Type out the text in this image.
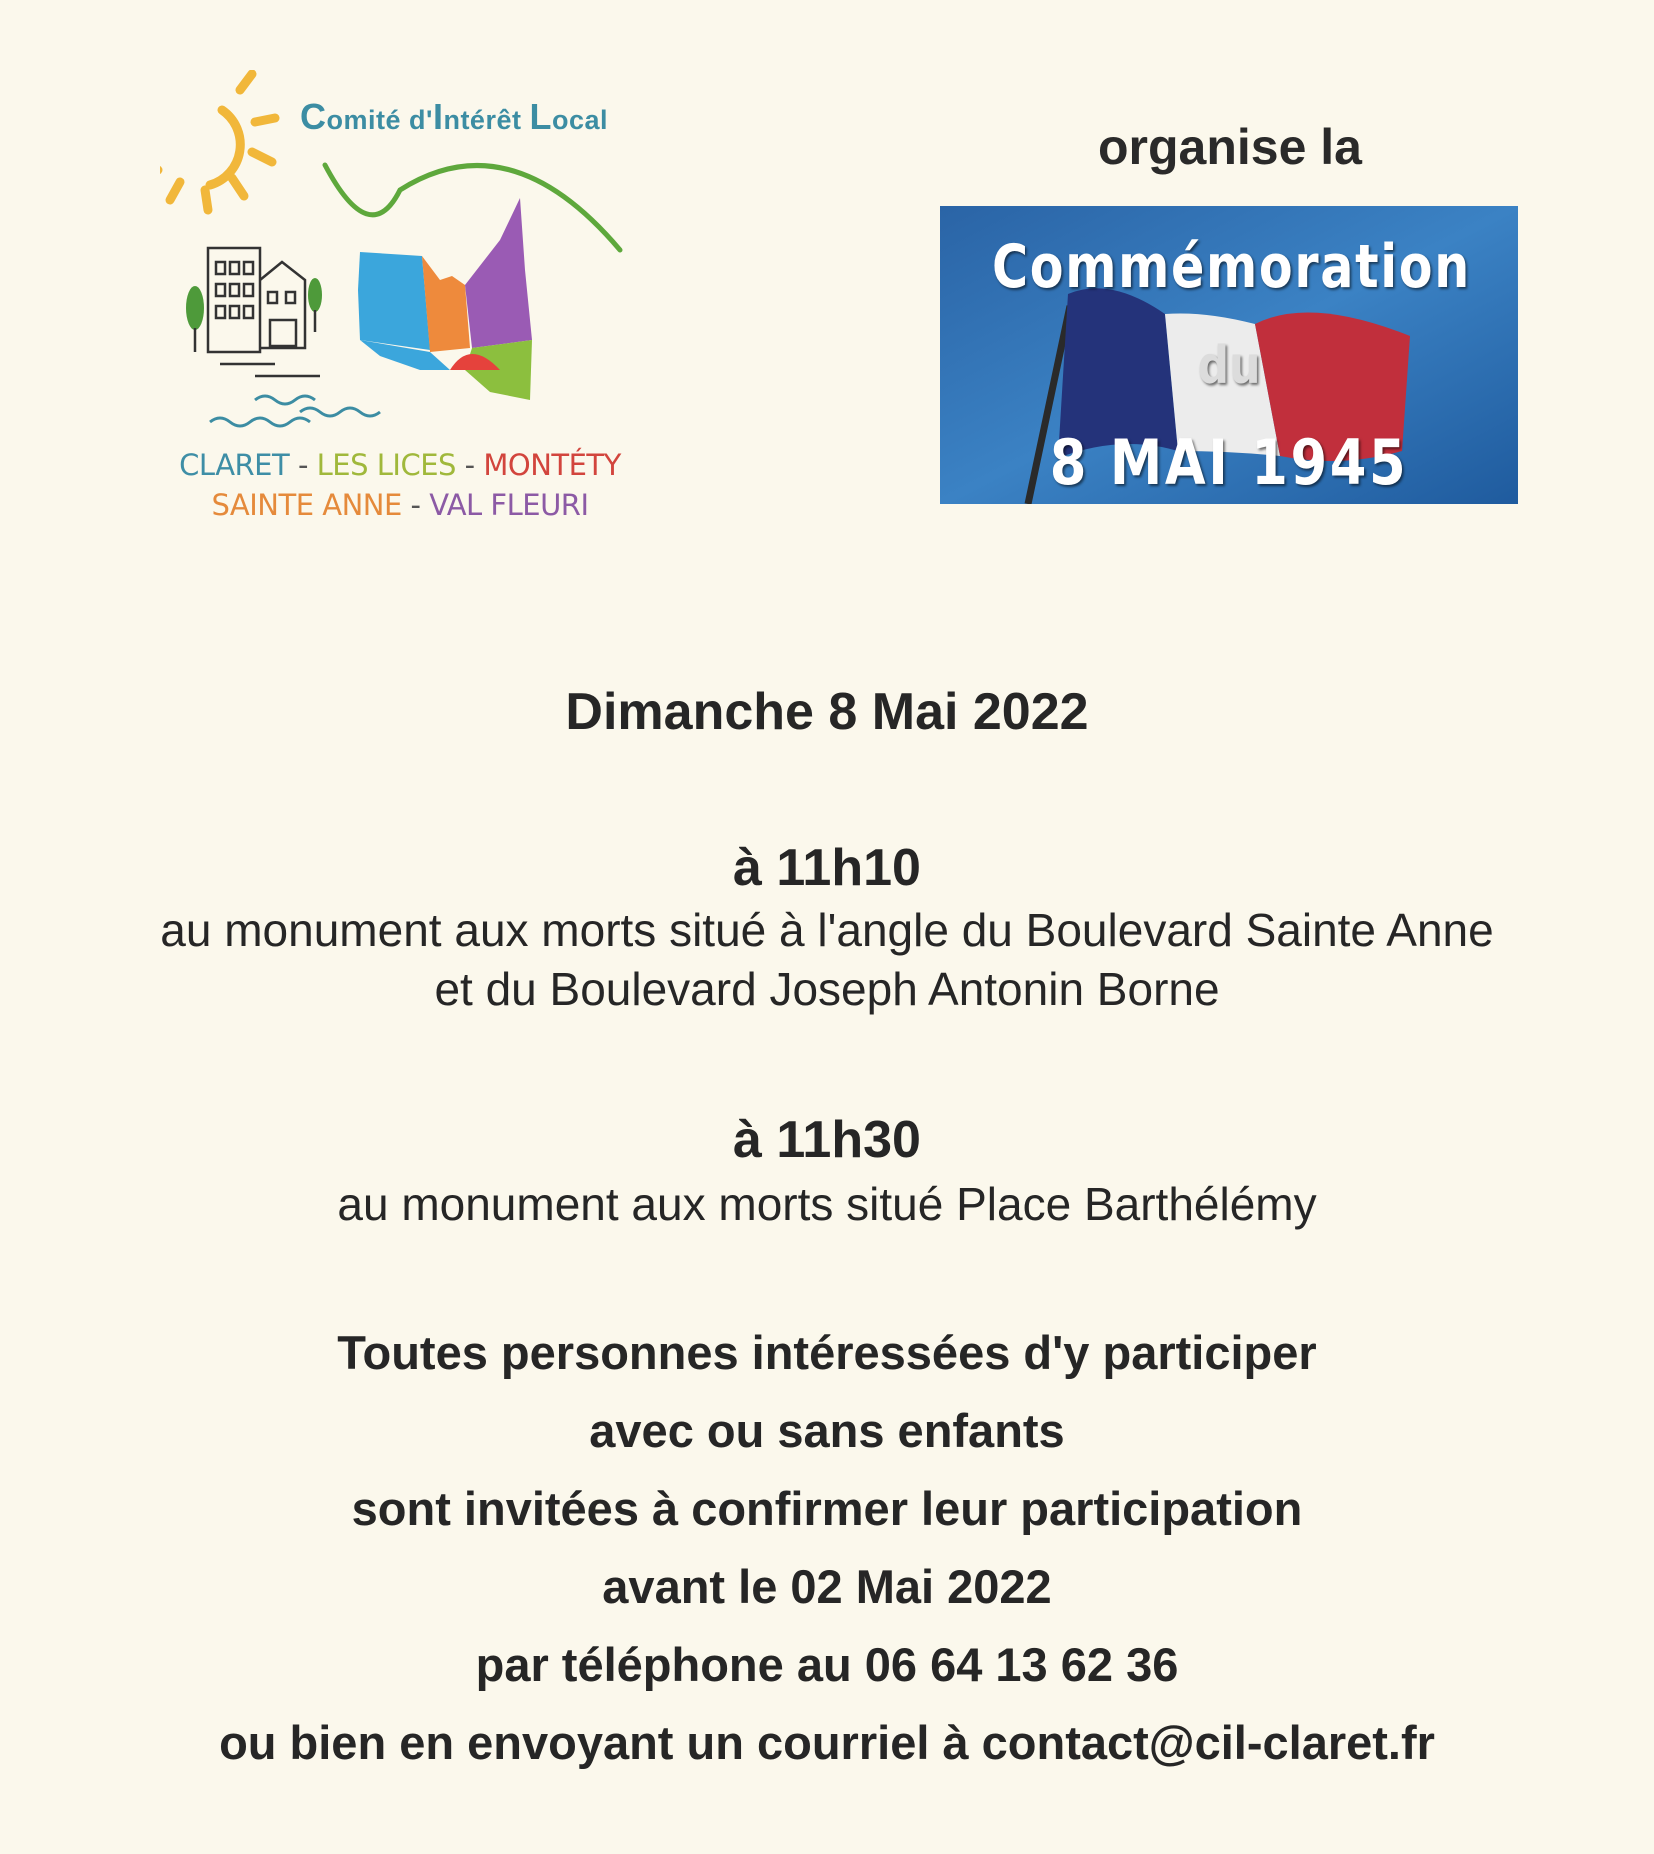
Comité d'Intérêt Local
CLARET - LES LICES - MONTÉTY
SAINTE ANNE - VAL FLEURI
organise la
Commémoration
du
8 MAI 1945
Dimanche 8 Mai 2022
à 11h10
au monument aux morts situé à l'angle du Boulevard Sainte Anne
et du Boulevard Joseph Antonin Borne
à 11h30
au monument aux morts situé Place Barthélémy
Toutes personnes intéressées d'y participer
avec ou sans enfants
sont invitées à confirmer leur participation
avant le 02 Mai 2022
par téléphone au 06 64 13 62 36
ou bien en envoyant un courriel à contact@cil-claret.fr
